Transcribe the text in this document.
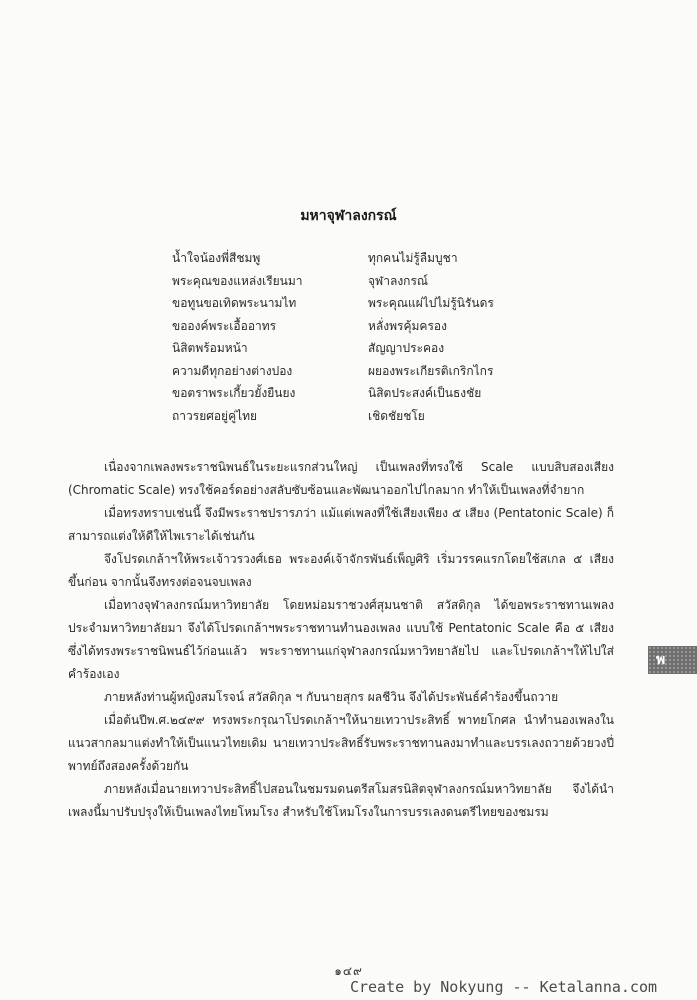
มหาจุฬาลงกรณ์
น้ำใจน้องพี่สีชมพู
พระคุณของแหล่งเรียนมา
ขอทูนขอเทิดพระนามไท
ขอองค์พระเอื้ออาทร
นิสิตพร้อมหน้า
ความดีทุกอย่างต่างปอง
ขอตราพระเกี้ยวยั้งยืนยง
ถาวรยศอยู่คู่ไทย
ทุกคนไม่รู้ลืมบูชา
จุฬาลงกรณ์
พระคุณแผ่ไปไม่รู้นิรันดร
หลั่งพรคุ้มครอง
สัญญาประคอง
ผยองพระเกียรติเกริกไกร
นิสิตประสงค์เป็นธงชัย
เชิดชัยชโย

เนื่องจากเพลงพระราชนิพนธ์ในระยะแรกส่วนใหญ่ เป็นเพลงที่ทรงใช้ Scale แบบสิบสองเสียง (Chromatic Scale) ทรงใช้คอร์ดอย่างสลับซับซ้อนและพัฒนาออกไปไกลมาก ทำให้เป็นเพลงที่จำยาก

เมื่อทรงทราบเช่นนี้ จึงมีพระราชปรารภว่า แม้แต่เพลงที่ใช้เสียงเพียง ๕ เสียง (Pentatonic Scale) ก็สามารถแต่งให้ดีให้ไพเราะได้เช่นกัน

จึงโปรดเกล้าฯให้พระเจ้าวรวงศ์เธอ พระองค์เจ้าจักรพันธ์เพ็ญศิริ เริ่มวรรคแรกโดยใช้สเกล ๕ เสียงขึ้นก่อน จากนั้นจึงทรงต่อจนจบเพลง

เมื่อทางจุฬาลงกรณ์มหาวิทยาลัย โดยหม่อมราชวงศ์สุมนชาติ สวัสดิกุล ได้ขอพระราชทานเพลงประจำมหาวิทยาลัยมา จึงได้โปรดเกล้าฯพระราชทานทำนองเพลง แบบใช้ Pentatonic Scale คือ ๕ เสียง ซึ่งได้ทรงพระราชนิพนธ์ไว้ก่อนแล้ว พระราชทานแก่จุฬาลงกรณ์มหาวิทยาลัยไป และโปรดเกล้าฯให้ไปใส่คำร้องเอง

ภายหลังท่านผู้หญิงสมโรจน์ สวัสดิกุล ฯ กับนายสุกร ผลชีวิน จึงได้ประพันธ์คำร้องขึ้นถวาย

เมื่อต้นปีพ.ศ.๒๔๙๙ ทรงพระกรุณาโปรดเกล้าฯให้นายเทวาประสิทธิ์ พาทยโกศล นำทำนองเพลงในแนวสากลมาแต่งทำให้เป็นแนวไทยเดิม นายเทวาประสิทธิ์รับพระราชทานลงมาทำและบรรเลงถวายด้วยวงปี่พาทย์ถึงสองครั้งด้วยกัน

ภายหลังเมื่อนายเทวาประสิทธิ์ไปสอนในชมรมดนตรีสโมสรนิสิตจุฬาลงกรณ์มหาวิทยาลัย จึงได้นำเพลงนี้มาปรับปรุงให้เป็นเพลงไทยโหมโรง สำหรับใช้โหมโรงในการบรรเลงดนตรีไทยของชมรม

พ
๑๔๙
Create by Nokyung -- Ketalanna.com
